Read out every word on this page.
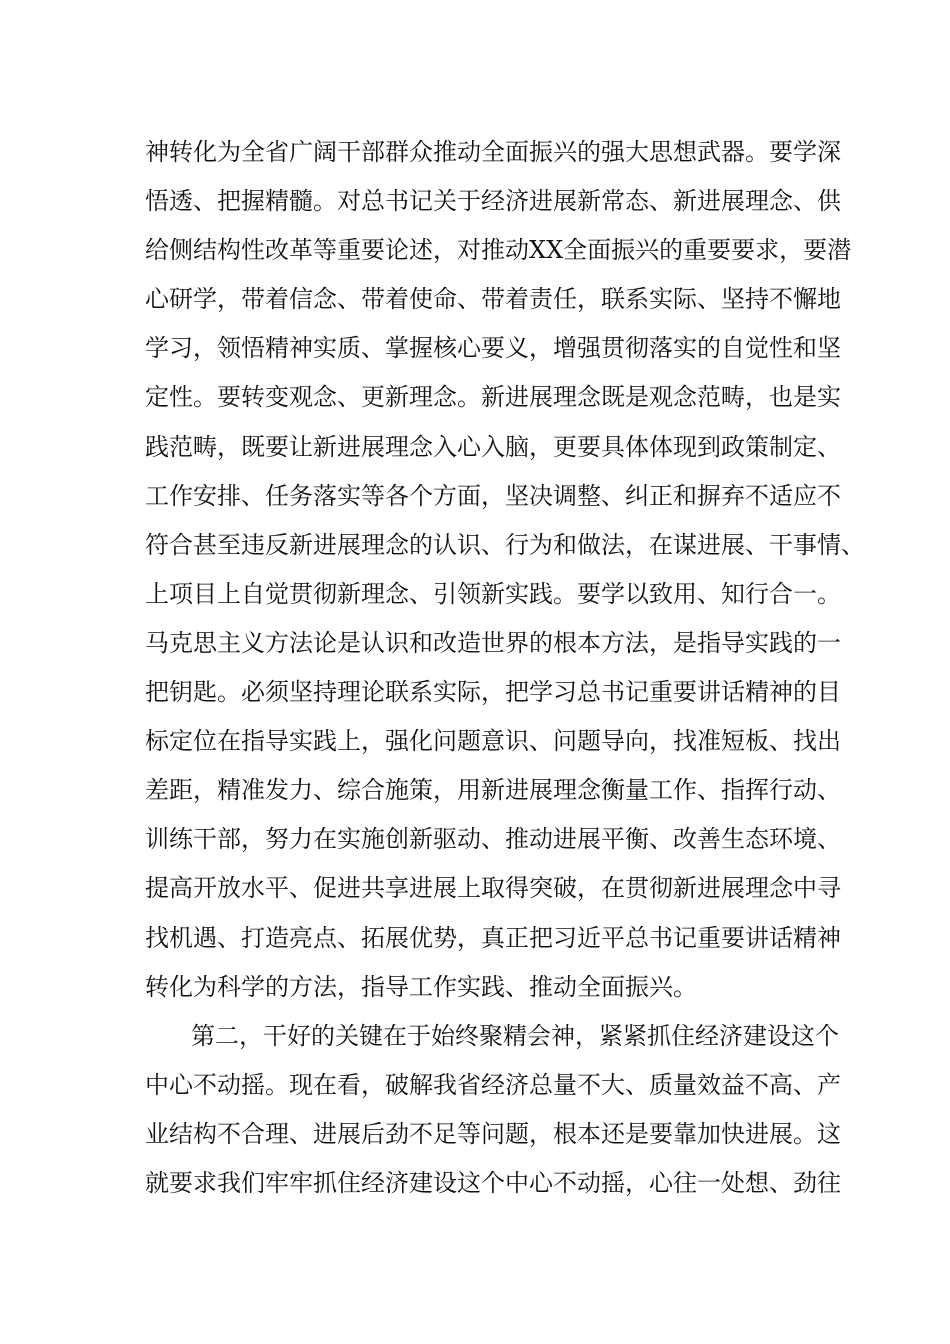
神转化为全省广阔干部群众推动全面振兴的强大思想武器。要学深
悟透、把握精髓。对总书记关于经济进展新常态、新进展理念、供
给侧结构性改革等重要论述，对推动XX全面振兴的重要要求，要潜
心研学，带着信念、带着使命、带着责任，联系实际、坚持不懈地
学习，领悟精神实质、掌握核心要义，增强贯彻落实的自觉性和坚
定性。要转变观念、更新理念。新进展理念既是观念范畴，也是实
践范畴，既要让新进展理念入心入脑，更要具体体现到政策制定、
工作安排、任务落实等各个方面，坚决调整、纠正和摒弃不适应不
符合甚至违反新进展理念的认识、行为和做法，在谋进展、干事情、
上项目上自觉贯彻新理念、引领新实践。要学以致用、知行合一。
马克思主义方法论是认识和改造世界的根本方法，是指导实践的一
把钥匙。必须坚持理论联系实际，把学习总书记重要讲话精神的目
标定位在指导实践上，强化问题意识、问题导向，找准短板、找出
差距，精准发力、综合施策，用新进展理念衡量工作、指挥行动、
训练干部，努力在实施创新驱动、推动进展平衡、改善生态环境、
提高开放水平、促进共享进展上取得突破，在贯彻新进展理念中寻
找机遇、打造亮点、拓展优势，真正把习近平总书记重要讲话精神
转化为科学的方法，指导工作实践、推动全面振兴。
第二，干好的关键在于始终聚精会神，紧紧抓住经济建设这个
中心不动摇。现在看，破解我省经济总量不大、质量效益不高、产
业结构不合理、进展后劲不足等问题，根本还是要靠加快进展。这
就要求我们牢牢抓住经济建设这个中心不动摇，心往一处想、劲往
